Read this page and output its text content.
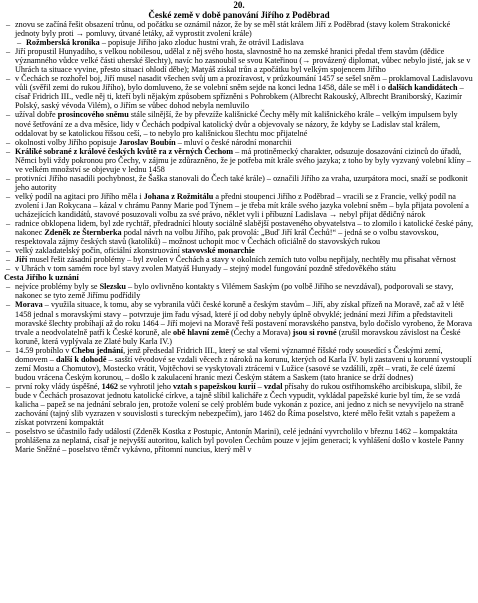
20.
České země v době panování Jiřího z Poděbrad
– znovu se začíná řešit obsazení trůnu, od počátku se oznámil názor, že by se měl stát králem Jiří z Poděbrad (stavy kolem Strakonické jednoty byly proti → pomluvy, útvané letáky, až vyprostit zvolení krále)
– Rožmberská kronika – popisuje Jiřího jako zloduc hustní vrah, že otrávil Ladislava
– Jiří propustil Hunyadiho, s velkou nobilesou, udělal z něj svého hosta, slavnostně ho na zemské hranici předal třem stavům (dědice významného vůdce velké části uherské šlechty), navíc ho zasnoubil se svou Kateřinou (→ provázený diplomat, vůbec nebylo jisté, jak se v Uhrách ta situace vyvine, přesto situaci ohlodí děbe); Matyáš získal trůn a zpočátku byl velkým spojencem Jiřího
– v Čechách se rozhořel boj, Jiří musel nasadit všechen svůj um a prozíravost, v průzkoumání 1457 se sešel sněm – proklamoval Ladislavovu vůli (svěřil zemi do rukou Jiřího), bylo domluveno, že se volební sněm sejde na konci ledna 1458, dále se měl i o dalších kandidátech – císař Fridrich III., vedle něj ti, kteří byli nějakým způsobem spřízněni s Pohrobkem (Albrecht Rakouský, Albrecht Braniborský, Kazimír Polský, saský vévoda Vilém), o Jiřím se vůbec dohod nebyla nemluvilo
– užíval dobře prosincového sněmu stále silnější, že by převzíže kališnické Čechy měly mít kališnického krále – velkým impulsem byly nové šetřování ze a dva měsíce, lidy v Čechách podpíval katolický dvůr a objevovaly se názory, že kdyby se Ladislav stal králem, oddalovat by se katolickou říšsou ceší, – to nebylo pro kališnickou šlechtu moc přijatelné
– okolnosti volby Jiřího popisuje Jaroslav Boubín – mluví o české národní monarchii
– Králíké sobrané z králové českých kvůtě ra z věrných Čechom – má protiněmecký charakter, odsuzuje dosazování cizinců do úřadů, Němci byli vždy pokronou pro Čechy, v zájmu je zdůrazněno, že je potřeba mít krále svého jazyka; z toho by byly vyzvaný volební klíny – ve velkém množství se objevuje v lednu 1458
– protivníci Jiřího nasadili pochybnost, že Šaška stanovali do Čech také krále) – označili Jiřího za vraha, uzurpátora moci, snaží se podkonit jeho autority
– velký podíl na agitaci pro Jiřího měla i Johana z Rožmitálu a předni stoupenci Jiřího z Poděbrad – vracili se z Francie, velký podíl na zvolení i Jan Rokycana – kázal v chrámu Panny Marie pod Týnem – je třeba mít krále svého jazyka volební sněm – byla přijata povolení a ucházejících kandidátů, stavové posuzovali volbu za své právo, něklet vyli i příbuzní Ladislava → nebyl přijat dědičný nárok
– radnice obklopena lidem, byl zde rychtář, předradnící hlouty sociálně slabější postaveného obyvatelstva – to zlomilo i katolické české pány, nakonec Zdeněk ze Šternberka podal návrh na volbu Jiřího, pak provolá: „Buď Jiří král Čechů!“ – jedná se o volbu stavovskou, respektovala zájmy českých stavů (katolíků) – možnost uchopit moc v Čechách oficiálně do stavovských rukou
– velký zakladatelský počin, oficiální zkonstruování stavovské monarchie
– Jiří musel řešit zásadní problémy – byl zvolen v Čechách a stavy v okolních zemích tuto volbu nepřijaly, nechtěly mu přisahat věrnost
– v Uhrách v tom samém roce byl stavy zvolen Matyáš Hunyady – stejný model fungování pozdně středověkého státu
Cesta Jiřího k uznání
– nejvíce problémy byly se Slezsku – bylo ovlivněno kontakty s Vilémem Saským (po volbě Jiřího se nevzdával), podporovali se stavy, nakonec se tyto země Jiřímu podřídily
– Morava – využila situace, k tomu, aby se vybranila vůči české koruně a českým stavům – Jiří, aby získal přízeň na Moravě, zač až v létě 1458 jednal s moravskými stavy – potvrzuje jim řadu výsad, které jí od doby nebyly úplně obvyklé; jednání mezi Jiřím a představiteli moravské šlechty probíhají až do roku 1464 – Jiří mojevi na Moravě řeší postavení moravského panstva, bylo dočíslo vyrobeno, že Morava trvale a neodvolatelně patří k České koruně, ale obě hlavní země (Čechy a Morava) jsou si rovné (zrušil moravskou závislost na České koruně, která vyplývala ze Zlaté buly Karla IV.)
– 14.59 probíhlo v Chebu jednání, jenž předsedal Fridrich III., který se stal všemi významné říšské rody sousedící s Českými zemí, domovem – další k dohodě – sasští vévodové se vzdali věcech z nároků na korunu, kterých od Karla IV. byli zastaveni u korunní vystouplí zemí Mostu a Chomutov), Mostecko vrátit, Vojtěchovi se vyskytovali ztrácemi v Lužice (sasové se vzdálili, zpět – vrati, že celé území budou vrácena Českým korunou, – došlo k zakulacení hranic mezi Českým státem a Saskem (tato hranice se drží dodnes)
– první roky vlády úspěšné, 1462 se vyhrotil jeho vztah s papežskou kurií – vzdal přísahy do rukou ostřihomského arcibiskupa, slíbil, že bude v Čechách prosazovat jednotu katolické církve, a tajně slíbil kalicháře z Čech vypudit, vykládal papežské kurie byl tím, že se vzdá kalicha – papež se na jednání sebralo jen, protože volení se celý problém bude vykonán z pozice, ani jedno z nich se nevyvíjelo na straně zachování (tajný slib vyzrazen v souvislosti s tureckým nebezpečím), jaro 1462 do Říma poselstvo, které mělo řešit vztah s papežem a získat potvrzení kompaktát
– poselstvo se účastnilo řady událostí (Zdeněk Kostka z Postupic, Antonín Marini), celé jednání vyvrcholilo v březnu 1462 – kompaktáta prohlášena za neplatná, císař je nejvyšší autoritou, kalich byl povolen Čechům pouze v jejím generaci; k vyhlášení došlo v kostele Panny Marie Sněžné – poselstvo těmčr vykávno, přítomní nuncius, který měl v
